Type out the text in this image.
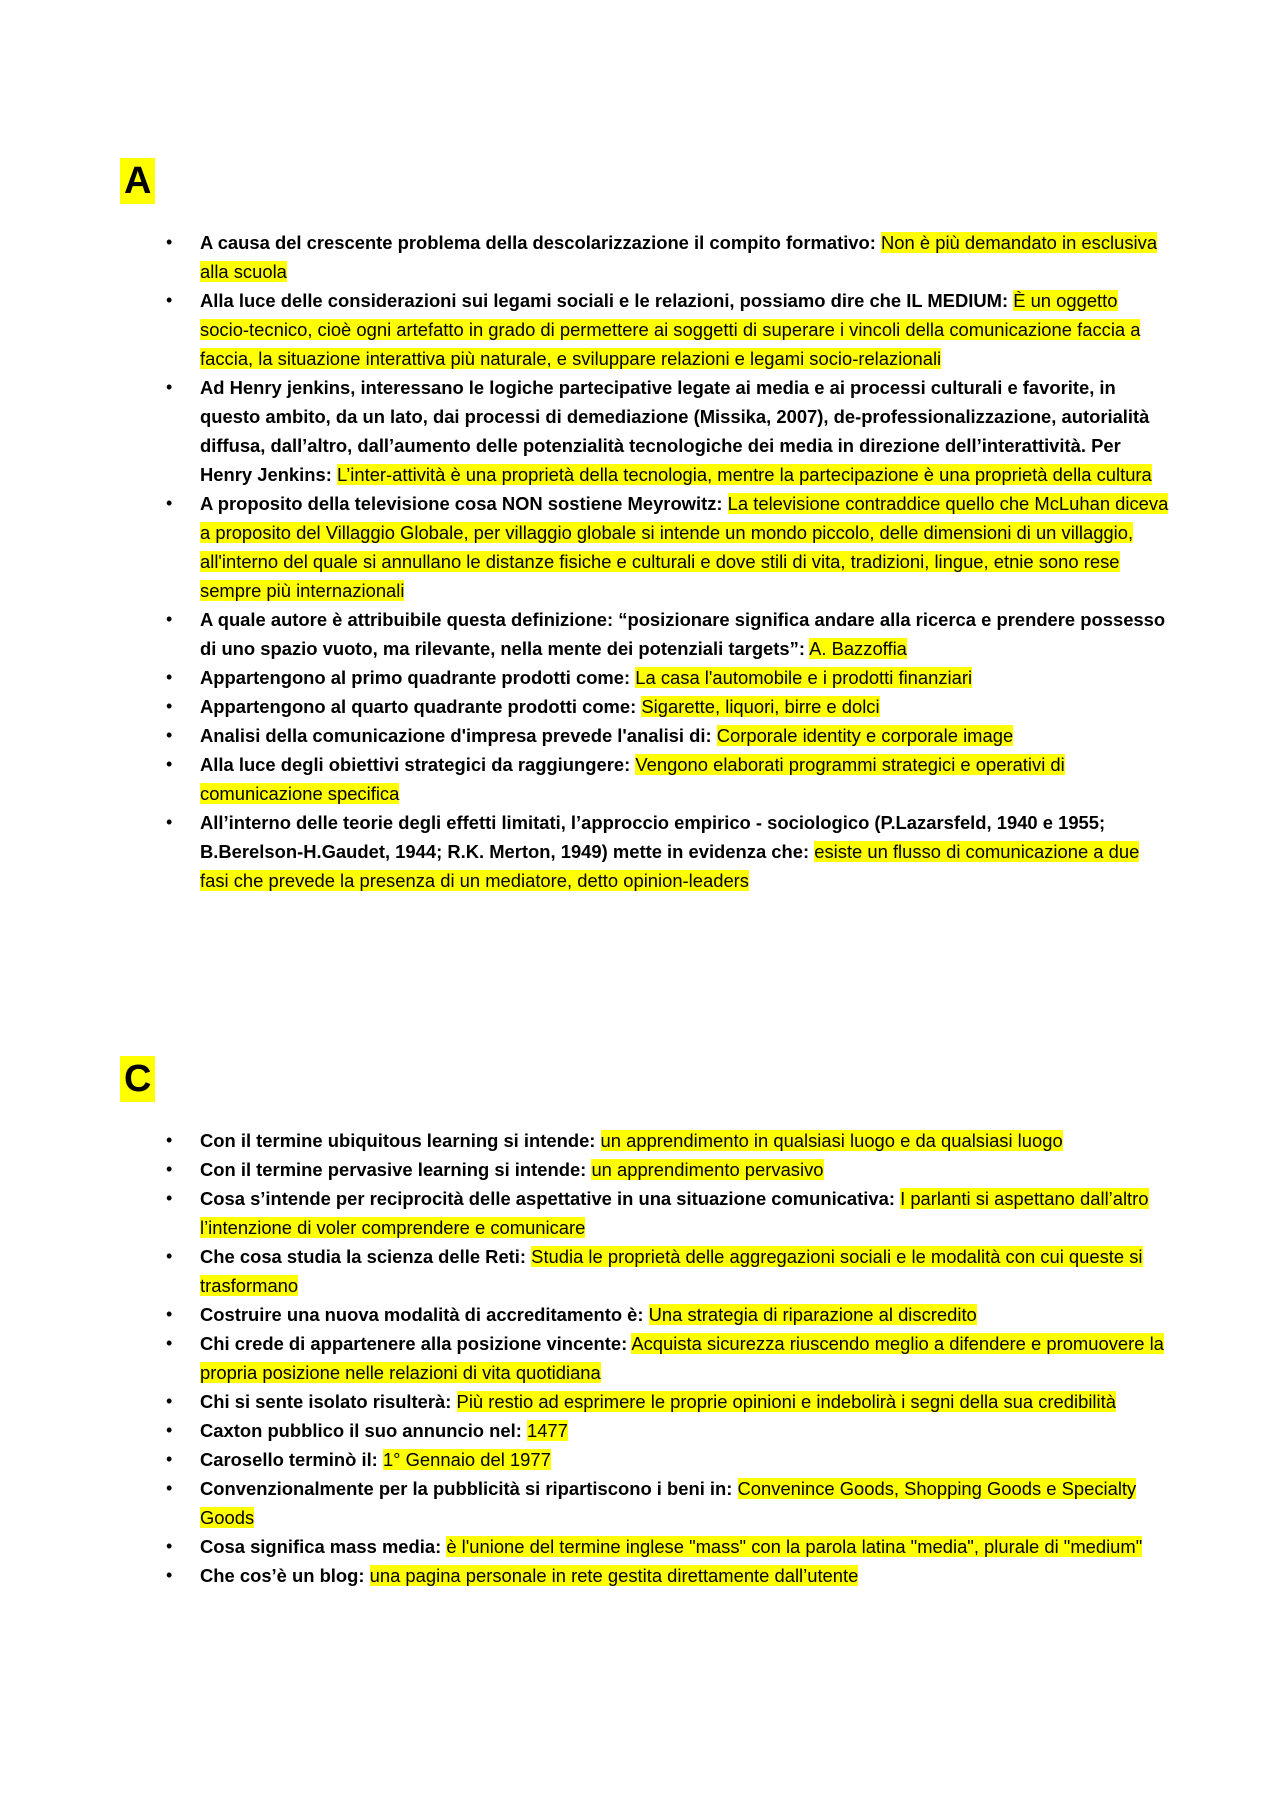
A
• A causa del crescente problema della descolarizzazione il compito formativo: Non è più demandato in esclusiva alla scuola
• Alla luce delle considerazioni sui legami sociali e le relazioni, possiamo dire che IL MEDIUM: È un oggetto socio-tecnico, cioè ogni artefatto in grado di permettere ai soggetti di superare i vincoli della comunicazione faccia a faccia, la situazione interattiva più naturale, e sviluppare relazioni e legami socio-relazionali
• Ad Henry jenkins, interessano le logiche partecipative legate ai media e ai processi culturali e favorite, in questo ambito, da un lato, dai processi di demediazione (Missika, 2007), de-professionalizzazione, autorialità diffusa, dall’altro, dall’aumento delle potenzialità tecnologiche dei media in direzione dell’interattività. Per Henry Jenkins: L’inter-attività è una proprietà della tecnologia, mentre la partecipazione è una proprietà della cultura
• A proposito della televisione cosa NON sostiene Meyrowitz: La televisione contraddice quello che McLuhan diceva a proposito del Villaggio Globale, per villaggio globale si intende un mondo piccolo, delle dimensioni di un villaggio, all'interno del quale si annullano le distanze fisiche e culturali e dove stili di vita, tradizioni, lingue, etnie sono rese sempre più internazionali
• A quale autore è attribuibile questa definizione: “posizionare significa andare alla ricerca e prendere possesso di uno spazio vuoto, ma rilevante, nella mente dei potenziali targets”: A. Bazzoffia
• Appartengono al primo quadrante prodotti come: La casa l'automobile e i prodotti finanziari
• Appartengono al quarto quadrante prodotti come: Sigarette, liquori, birre e dolci
• Analisi della comunicazione d'impresa prevede l'analisi di: Corporale identity e corporale image
• Alla luce degli obiettivi strategici da raggiungere: Vengono elaborati programmi strategici e operativi di comunicazione specifica
• All’interno delle teorie degli effetti limitati, l’approccio empirico - sociologico (P.Lazarsfeld, 1940 e 1955; B.Berelson-H.Gaudet, 1944; R.K. Merton, 1949) mette in evidenza che: esiste un flusso di comunicazione a due fasi che prevede la presenza di un mediatore, detto opinion-leaders
C
• Con il termine ubiquitous learning si intende: un apprendimento in qualsiasi luogo e da qualsiasi luogo
• Con il termine pervasive learning si intende: un apprendimento pervasivo
• Cosa s’intende per reciprocità delle aspettative in una situazione comunicativa: I parlanti si aspettano dall’altro l’intenzione di voler comprendere e comunicare
• Che cosa studia la scienza delle Reti: Studia le proprietà delle aggregazioni sociali e le modalità con cui queste si trasformano
• Costruire una nuova modalità di accreditamento è: Una strategia di riparazione al discredito
• Chi crede di appartenere alla posizione vincente: Acquista sicurezza riuscendo meglio a difendere e promuovere la propria posizione nelle relazioni di vita quotidiana
• Chi si sente isolato risulterà: Più restio ad esprimere le proprie opinioni e indebolirà i segni della sua credibilità
• Caxton pubblico il suo annuncio nel: 1477
• Carosello terminò il: 1° Gennaio del 1977
• Convenzionalmente per la pubblicità si ripartiscono i beni in: Convenince Goods, Shopping Goods e Specialty Goods
• Cosa significa mass media: è l'unione del termine inglese "mass" con la parola latina "media", plurale di "medium"
• Che cos’è un blog: una pagina personale in rete gestita direttamente dall’utente
